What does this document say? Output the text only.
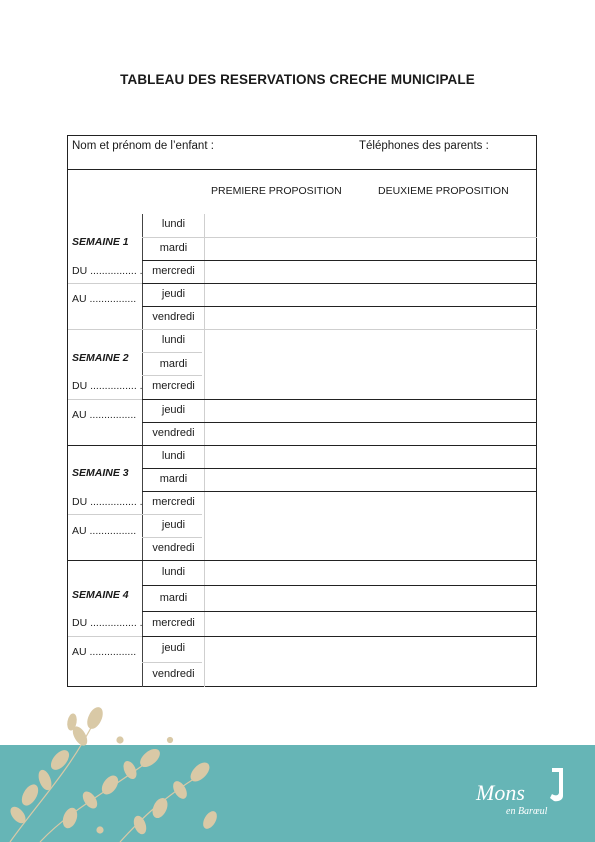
TABLEAU DES RESERVATIONS CRECHE MUNICIPALE
Nom et prénom de l’enfant :	Téléphones des parents :
PREMIERE PROPOSITION	DEUXIEME PROPOSITION
SEMAINE 1
DU ................ .
AU ................
SEMAINE 2
DU ................ .
AU ................
SEMAINE 3
DU ................ .
AU ................
SEMAINE 4
DU ................ .
AU ................
lundi
mardi
mercredi
jeudi
vendredi
lundi
mardi
mercredi
jeudi
vendredi
lundi
mardi
mercredi
jeudi
vendredi
lundi
mardi
mercredi
jeudi
vendredi
Mons
en Barœul
